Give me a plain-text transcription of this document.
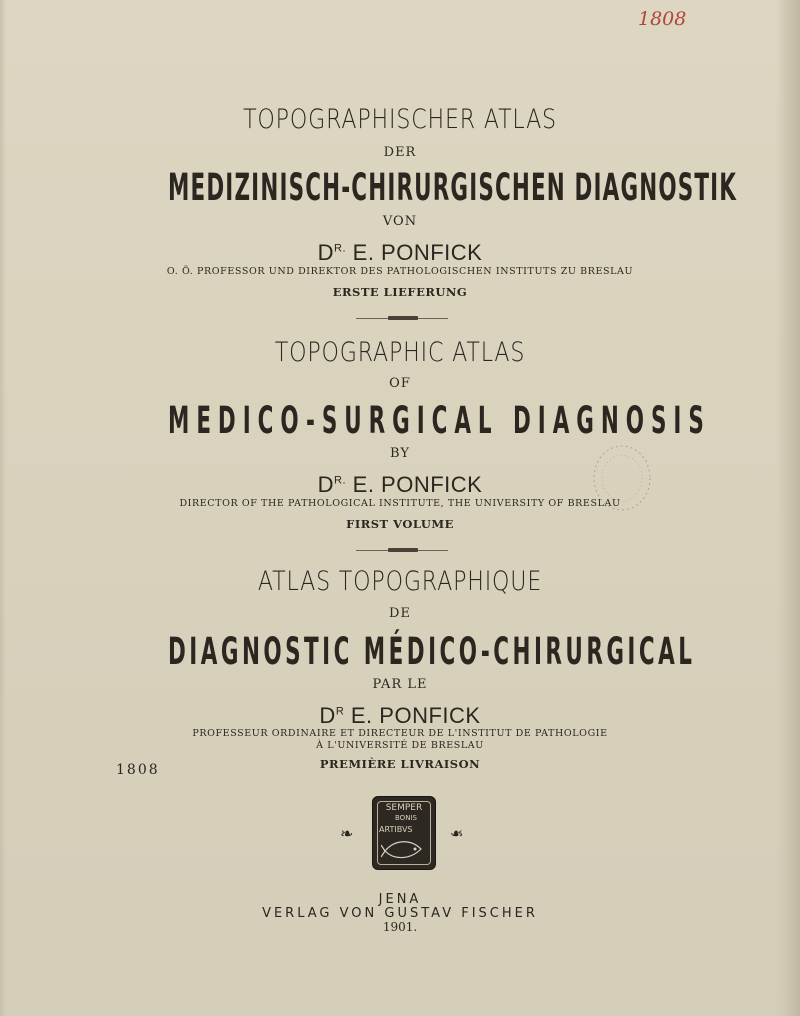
1808
TOPOGRAPHISCHER ATLAS
DER
MEDIZINISCH-CHIRURGISCHEN DIAGNOSTIK
VON
$D^{R.}$ E. PONFICK
O. Ö. PROFESSOR UND DIREKTOR DES PATHOLOGISCHEN INSTITUTS ZU BRESLAU
ERSTE LIEFERUNG
TOPOGRAPHIC ATLAS
OF
MEDICO-SURGICAL DIAGNOSIS
BY
$D^{R.}$ E. PONFICK
DIRECTOR OF THE PATHOLOGICAL INSTITUTE, THE UNIVERSITY OF BRESLAU
FIRST VOLUME
ATLAS TOPOGRAPHIQUE
DE
DIAGNOSTIC MÉDICO-CHIRURGICAL
PAR LE
$D^R$ E. PONFICK
PROFESSEUR ORDINAIRE ET DIRECTEUR DE L'INSTITUT DE PATHOLOGIE
À L'UNIVERSITÉ DE BRESLAU
PREMIÈRE LIVRAISON
1808
❧	❧
SEMPER
BONIS
ARTIBVS
JENA
VERLAG VON GUSTAV FISCHER
1901.
